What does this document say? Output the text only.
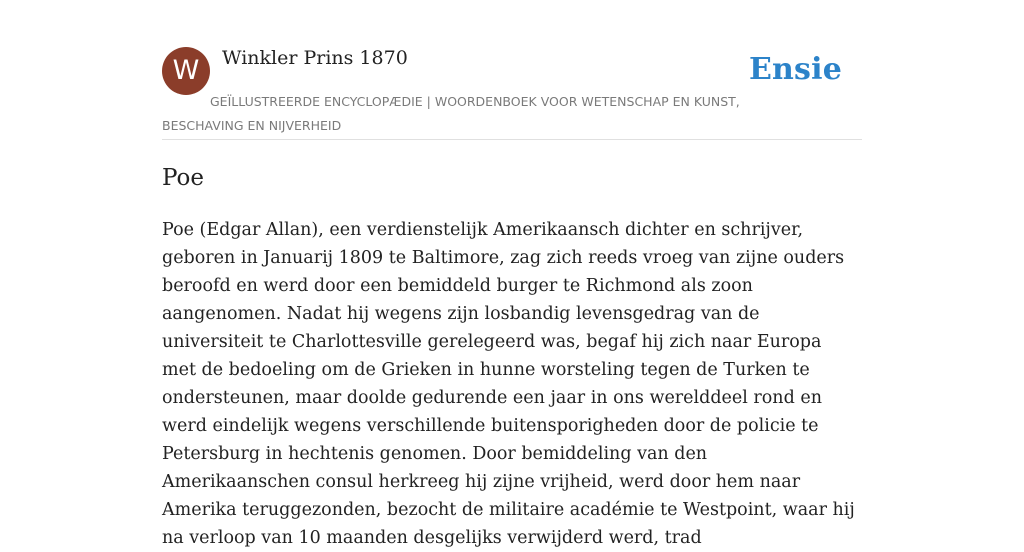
W	Winkler Prins 1870	Ensie
GEÏLLUSTREERDE ENCYCLOPÆDIE | WOORDENBOEK VOOR WETENSCHAP EN KUNST, BESCHAVING EN NIJVERHEID
Poe

Poe (Edgar Allan), een verdienstelijk Amerikaansch dichter en schrijver, geboren in Januarij 1809 te Baltimore, zag zich reeds vroeg van zijne ouders beroofd en werd door een bemiddeld burger te Richmond als zoon aangenomen. Nadat hij wegens zijn losbandig levensgedrag van de universiteit te Charlottesville gerelegeerd was, begaf hij zich naar Europa met de bedoeling om de Grieken in hunne worsteling tegen de Turken te ondersteunen, maar doolde gedurende een jaar in ons werelddeel rond en werd eindelijk wegens verschillende buitensporigheden door de policie te Petersburg in hechtenis genomen. Door bemiddeling van den Amerikaanschen consul herkreeg hij zijne vrijheid, werd door hem naar Amerika teruggezonden, bezocht de militaire académie te Westpoint, waar hij na verloop van 10 maanden desgelijks verwijderd werd, trad
